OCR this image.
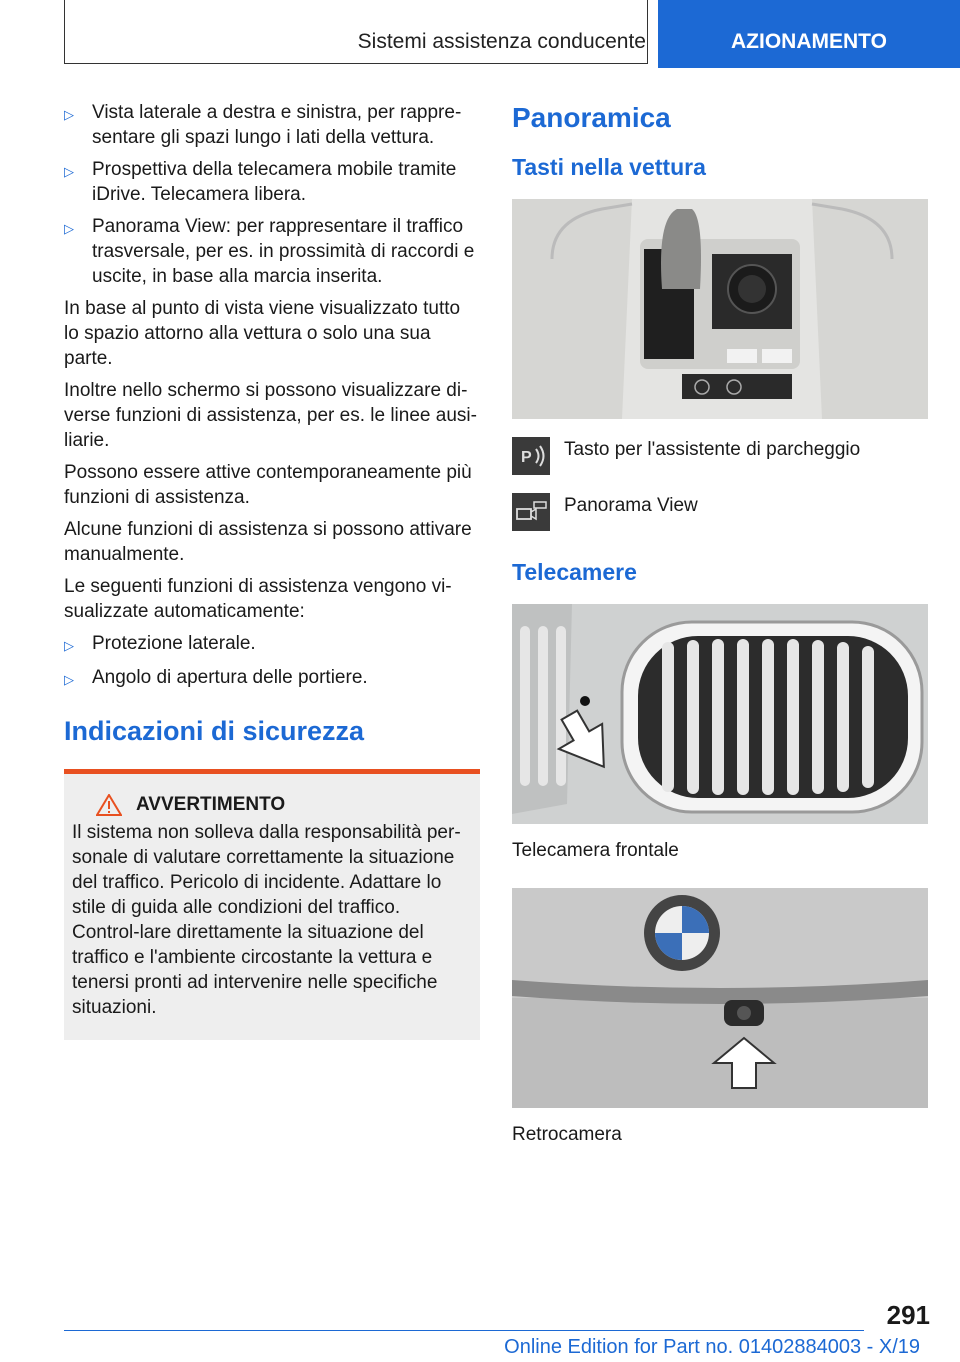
Sistemi assistenza conducente	AZIONAMENTO
▷ Vista laterale a destra e sinistra, per rappre-sentare gli spazi lungo i lati della vettura.
▷ Prospettiva della telecamera mobile tramite iDrive. Telecamera libera.
▷ Panorama View: per rappresentare il traffico trasversale, per es. in prossimità di raccordi e uscite, in base alla marcia inserita.

In base al punto di vista viene visualizzato tutto lo spazio attorno alla vettura o solo una sua parte.

Inoltre nello schermo si possono visualizzare di-verse funzioni di assistenza, per es. le linee ausi-liarie.

Possono essere attive contemporaneamente più funzioni di assistenza.

Alcune funzioni di assistenza si possono attivare manualmente.

Le seguenti funzioni di assistenza vengono vi-sualizzate automaticamente:

▷ Protezione laterale.
▷ Angolo di apertura delle portiere.
Indicazioni di sicurezza
AVVERTIMENTO
Il sistema non solleva dalla responsabilità per-sonale di valutare correttamente la situazione del traffico. Pericolo di incidente. Adattare lo stile di guida alle condizioni del traffico. Control-lare direttamente la situazione del traffico e l'ambiente circostante la vettura e tenersi pronti ad intervenire nelle specifiche situazioni.
Panoramica
Tasti nella vettura
P Tasto per l'assistente di parcheggio
Panorama View
Telecamere
Telecamera frontale
Retrocamera
291
Online Edition for Part no. 01402884003 - X/19
